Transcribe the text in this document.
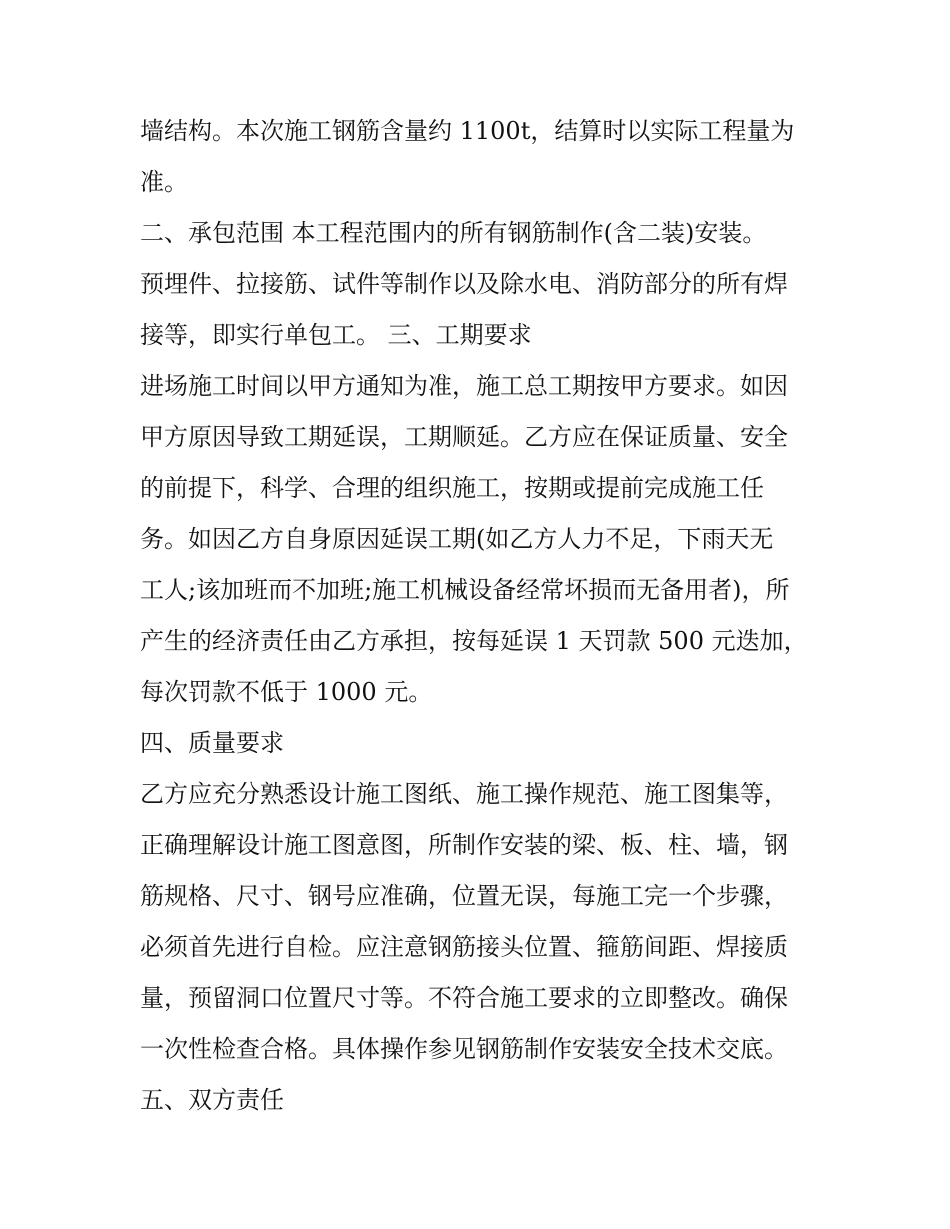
墙结构。本次施工钢筋含量约 1100t，结算时以实际工程量为
准。
二、承包范围 本工程范围内的所有钢筋制作(含二装)安装。
预埋件、拉接筋、试件等制作以及除水电、消防部分的所有焊
接等，即实行单包工。 三、工期要求
进场施工时间以甲方通知为准，施工总工期按甲方要求。如因
甲方原因导致工期延误，工期顺延。乙方应在保证质量、安全
的前提下，科学、合理的组织施工，按期或提前完成施工任
务。如因乙方自身原因延误工期(如乙方人力不足，下雨天无
工人;该加班而不加班;施工机械设备经常坏损而无备用者)，所
产生的经济责任由乙方承担，按每延误 1 天罚款 500 元迭加，
每次罚款不低于 1000 元。
四、质量要求
乙方应充分熟悉设计施工图纸、施工操作规范、施工图集等，
正确理解设计施工图意图，所制作安装的梁、板、柱、墙，钢
筋规格、尺寸、钢号应准确，位置无误，每施工完一个步骤，
必须首先进行自检。应注意钢筋接头位置、箍筋间距、焊接质
量，预留洞口位置尺寸等。不符合施工要求的立即整改。确保
一次性检查合格。具体操作参见钢筋制作安装安全技术交底。
五、双方责任
